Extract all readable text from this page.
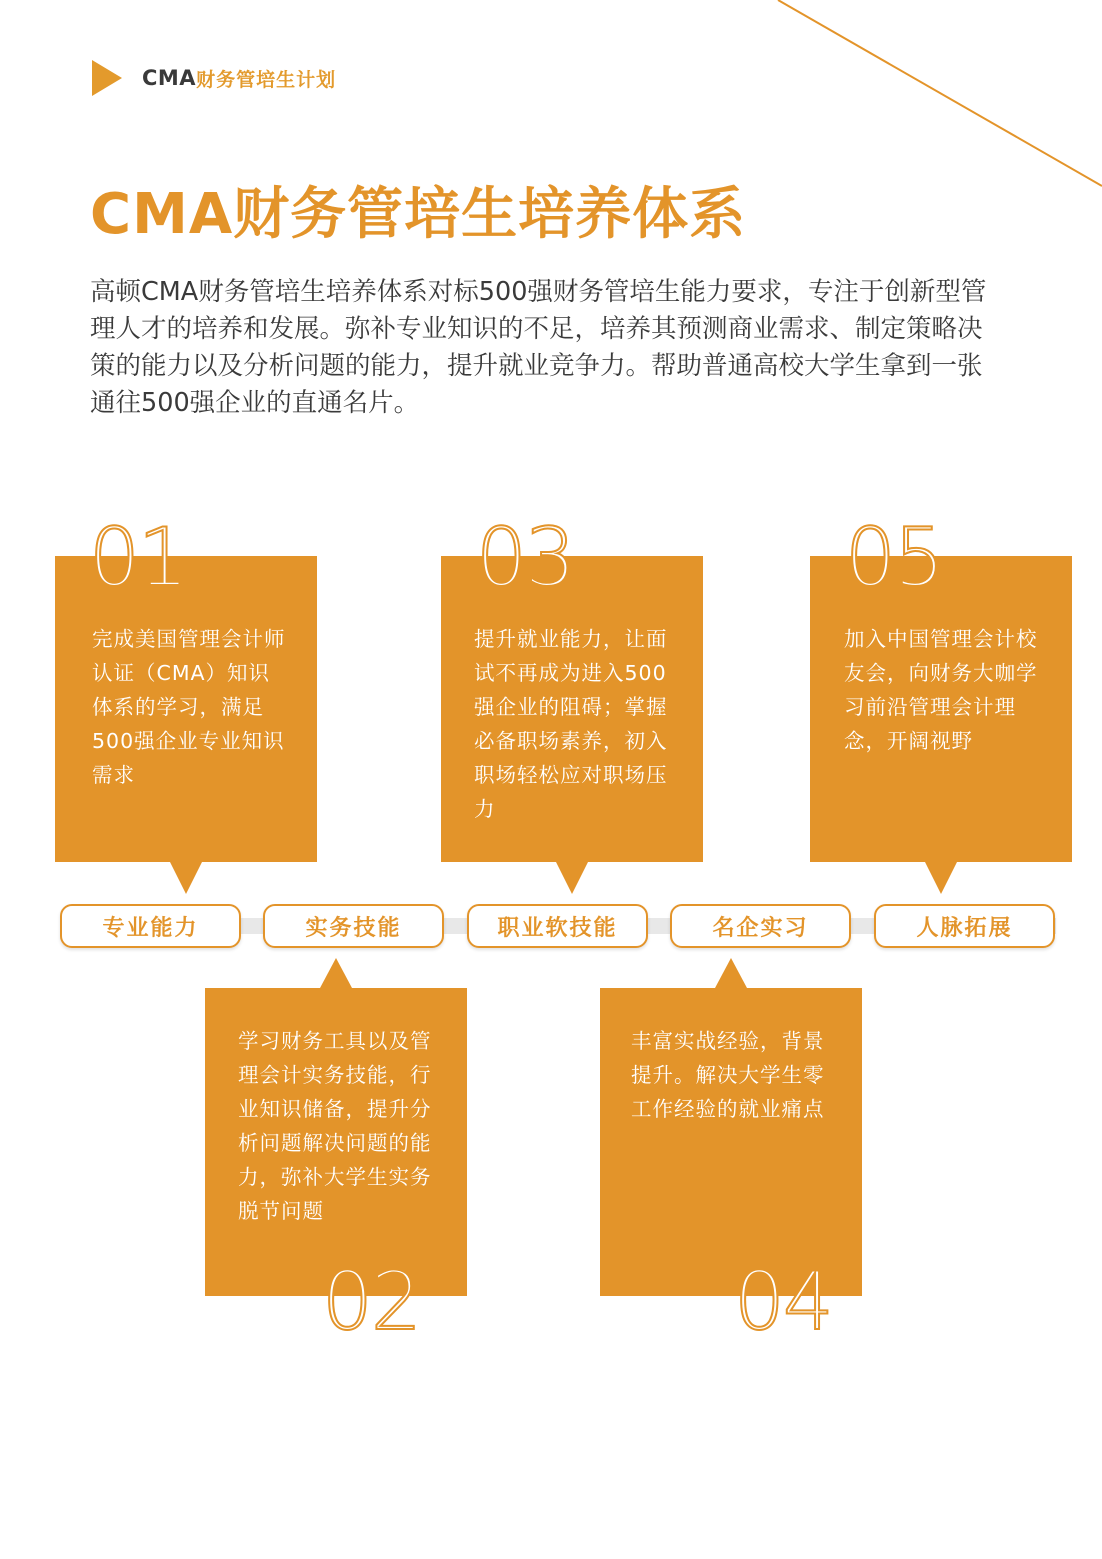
CMA 财务管培生计划
CMA财务管培生培养体系
高顿CMA财务管培生培养体系对标500强财务管培生能力要求，专注于创新型管理人才的培养和发展。弥补专业知识的不足，培养其预测商业需求、制定策略决策的能力以及分析问题的能力，提升就业竞争力。帮助普通高校大学生拿到一张通往500强企业的直通名片。
完成美国管理会计师 认证（CMA）知识体系的学习，满足500强企业专业知识需求
01
提升就业能力，让面试不再成为进入500强企业的阻碍；掌握必备职场素养，初入职场轻松应对职场压力
03
加入中国管理会计校友会，向财务大咖学习前沿管理会计理念，开阔视野
05
专业能力	实务技能	职业软技能	名企实习	人脉拓展
学习财务工具以及管理会计实务技能，行业知识储备，提升分析问题解决问题的能力，弥补大学生实务脱节问题
02
丰富实战经验，背景提升。解决大学生零工作经验的就业痛点
04
